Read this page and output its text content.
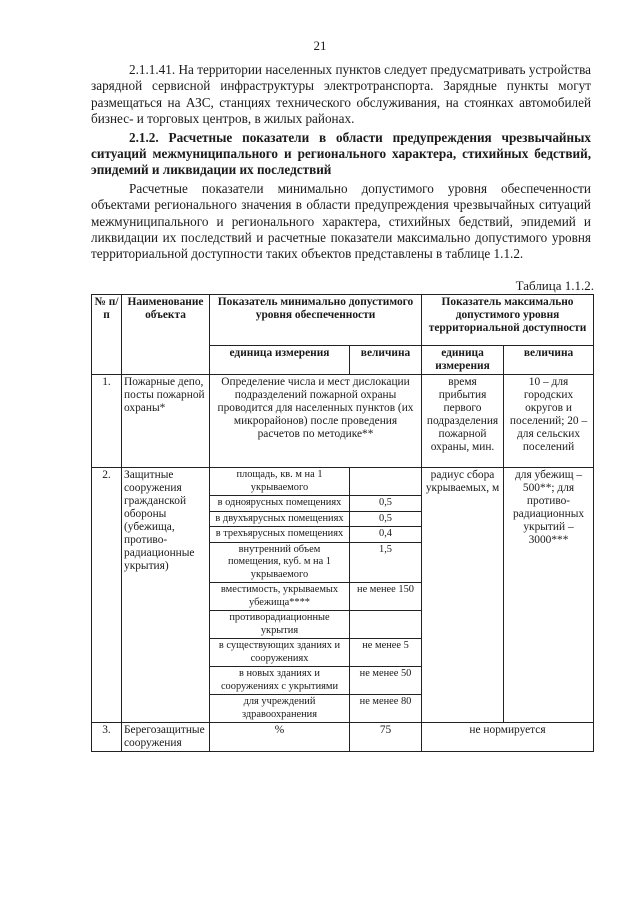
21

2.1.1.41. На территории населенных пунктов следует предусматривать устройства зарядной сервисной инфраструктуры электротранспорта. Зарядные пункты могут размещаться на АЗС, станциях технического обслуживания, на стоянках автомобилей бизнес- и торговых центров, в жилых районах.

2.1.2. Расчетные показатели в области предупреждения чрезвычайных ситуаций межмуниципального и регионального характера, стихийных бедствий, эпидемий и ликвидации их последствий

Расчетные показатели минимально допустимого уровня обеспеченности объектами регионального значения в области предупреждения чрезвычайных ситуаций межмуниципального и регионального характера, стихийных бедствий, эпидемий и ликвидации их последствий и расчетные показатели максимально допустимого уровня территориальной доступности таких объектов представлены в таблице 1.1.2.

Таблица 1.1.2.
№ п/п	Наименование объекта	Показатель минимально допустимого уровня обеспеченности		Показатель максимально допустимого уровня территориальной доступности	
		единица измерения	величина	единица измерения	величина
1.	Пожарные депо, посты пожарной охраны*	Определение числа и мест дислокации подразделений пожарной охраны проводится для населенных пунктов (их микрорайонов) после проведения расчетов по методике**		время прибытия первого подразделения пожарной охраны, мин.	10 – для городских округов и поселений; 20 – для сельских поселений
2.	Защитные сооружения гражданской обороны (убежища, противо-радиационные укрытия)	площадь, кв. м на 1 укрываемого		радиус сбора укрываемых, м	для убежищ – 500**; для противо-радиационных укрытий – 3000***
		в одноярусных помещениях	0,5		
		в двухъярусных помещениях	0,5		
		в трехъярусных помещениях	0,4		
		внутренний объем помещения, куб. м на 1 укрываемого	1,5		
		вместимость, укрываемых убежища****	не менее 150		
		противорадиационные укрытия			
		в существующих зданиях и сооружениях	не менее 5		
		в новых зданиях и сооружениях с укрытиями	не менее 50		
		для учреждений здравоохранения	не менее 80		
3.	Берегозащитные сооружения	%	75	не нормируется	
